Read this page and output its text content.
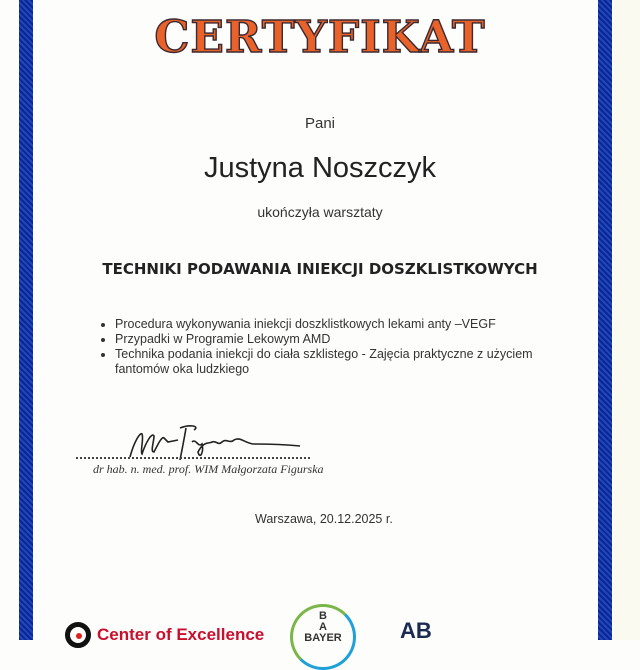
CERTYFIKAT
Pani
Justyna Noszczyk
ukończyła warsztaty
TECHNIKI PODAWANIA INIEKCJI DOSZKLISTKOWYCH
• Procedura wykonywania iniekcji doszklistkowych lekami anty –VEGF
• Przypadki w Programie Lekowym AMD
• Technika podania iniekcji do ciała szklistego - Zajęcia praktyczne z użyciem fantomów oka ludzkiego
dr hab. n. med. prof. WIM Małgorzata Figurska
Warszawa, 20.12.2025 r.
Center of Excellence
B
A
BAYER	AB
